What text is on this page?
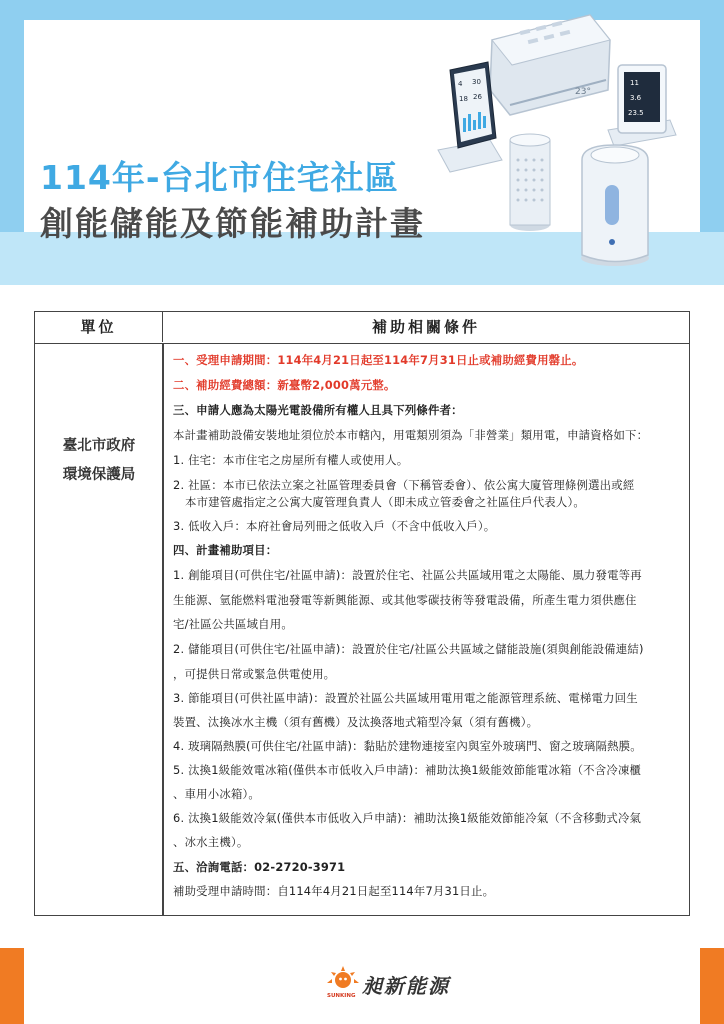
114年-台北市住宅社區
創能儲能及節能補助計畫
23°
4 30
18 26
11
3.6
23.5
單位	補助相關條件
臺北市政府
環境保護局
一、受理申請期間：114年4月21日起至114年7月31日止或補助經費用罄止。
二、補助經費總額：新臺幣2,000萬元整。
三、申請人應為太陽光電設備所有權人且具下列條件者：
本計畫補助設備安裝地址須位於本市轄內，用電類別須為「非營業」類用電，申請資格如下：
1. 住宅：本市住宅之房屋所有權人或使用人。
2. 社區：本市已依法立案之社區管理委員會（下稱管委會）、依公寓大廈管理條例選出或經
本市建管處指定之公寓大廈管理負責人（即未成立管委會之社區住戶代表人）。
3. 低收入戶：本府社會局列冊之低收入戶（不含中低收入戶）。
四、計畫補助項目：
1. 創能項目(可供住宅/社區申請)：設置於住宅、社區公共區域用電之太陽能、風力發電等再
生能源、氫能燃料電池發電等新興能源、或其他零碳技術等發電設備，所產生電力須供應住
宅/社區公共區域自用。
2. 儲能項目(可供住宅/社區申請)：設置於住宅/社區公共區域之儲能設施(須與創能設備連結)
，可提供日常或緊急供電使用。
3. 節能項目(可供社區申請)：設置於社區公共區域用電用電之能源管理系統、電梯電力回生
裝置、汰換冰水主機（須有舊機）及汰換落地式箱型冷氣（須有舊機）。
4. 玻璃隔熱膜(可供住宅/社區申請)：黏貼於建物連接室內與室外玻璃門、窗之玻璃隔熱膜。
5. 汰換1級能效電冰箱(僅供本市低收入戶申請)：補助汰換1級能效節能電冰箱（不含冷凍櫃
、車用小冰箱）。
6. 汰換1級能效冷氣(僅供本市低收入戶申請)：補助汰換1級能效節能冷氣（不含移動式冷氣
、冰水主機）。
五、洽詢電話：02-2720-3971
補助受理申請時間：自114年4月21日起至114年7月31日止。
SUNKING 昶新能源
